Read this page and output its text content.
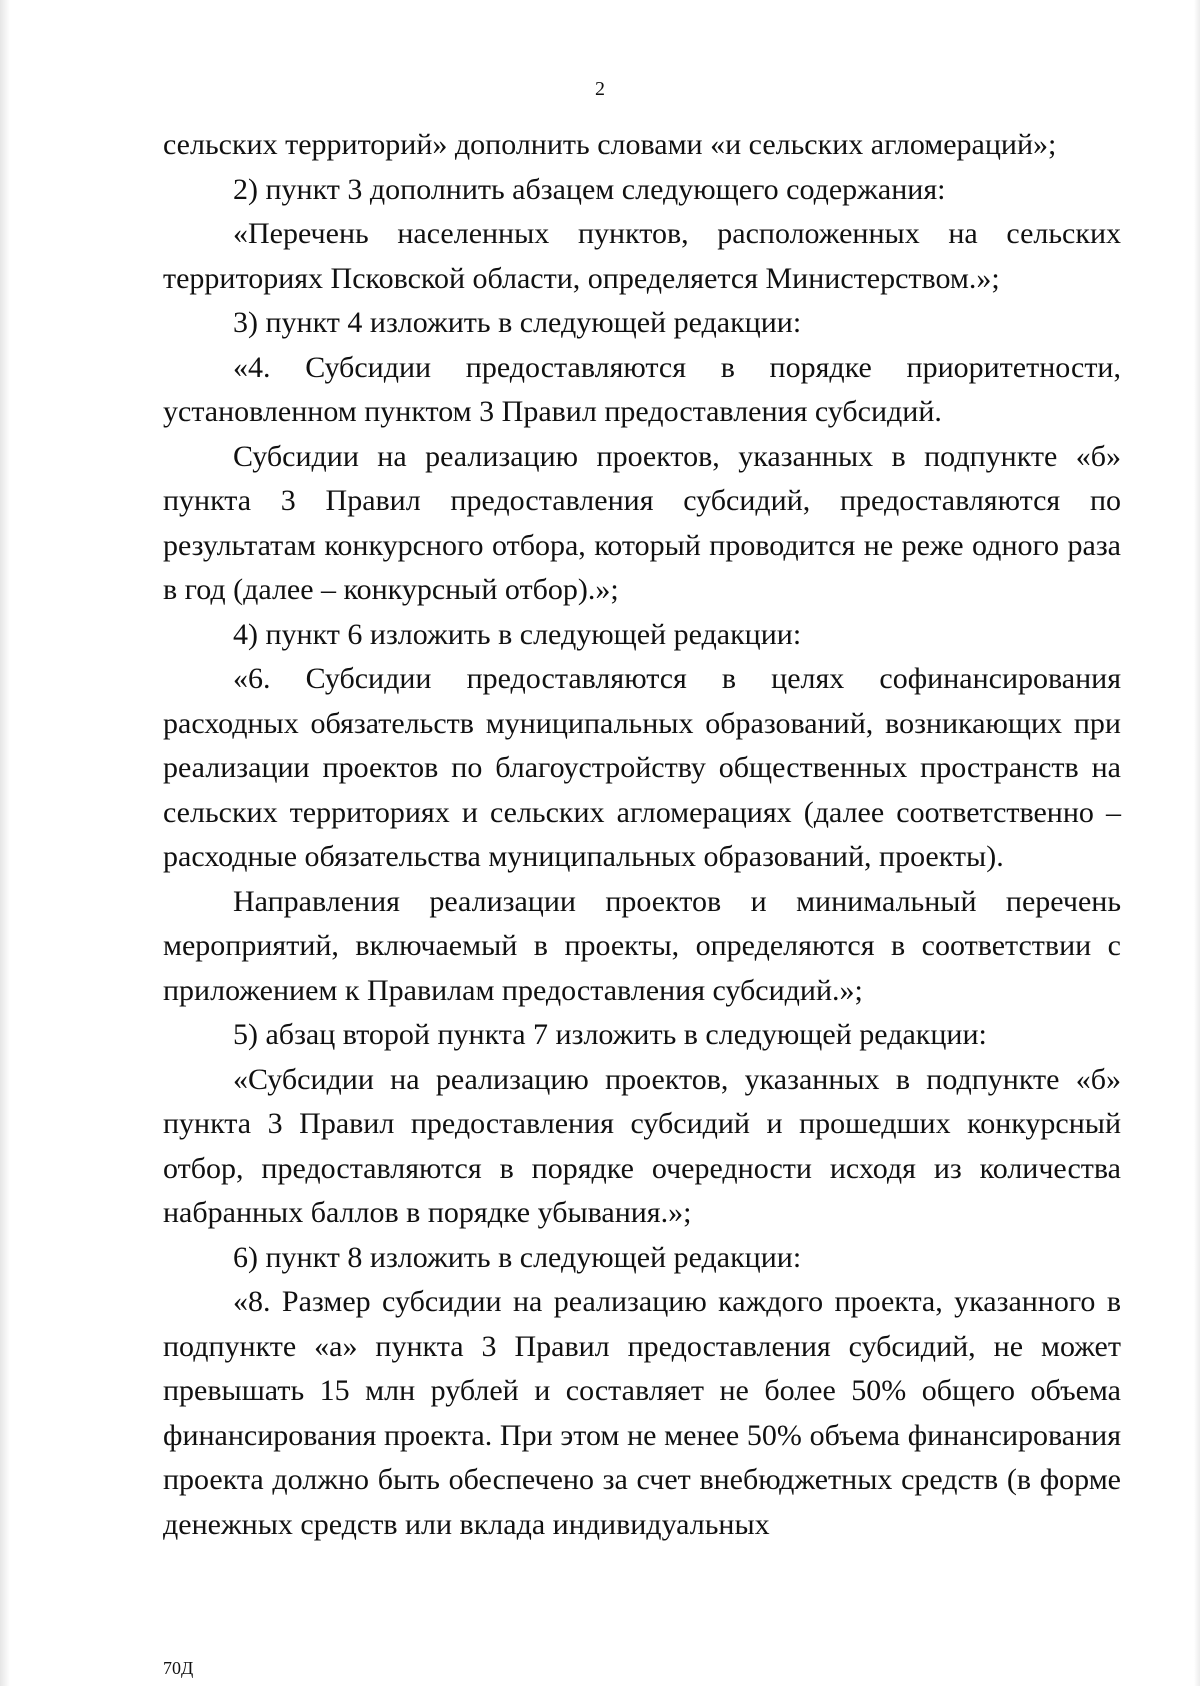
2

сельских территорий» дополнить словами «и сельских агломераций»;

2) пункт 3 дополнить абзацем следующего содержания:

«Перечень населенных пунктов, расположенных на сельских территориях Псковской области, определяется Министерством.»;

3) пункт 4 изложить в следующей редакции:

«4. Субсидии предоставляются в порядке приоритетности, установленном пунктом 3 Правил предоставления субсидий.

Субсидии на реализацию проектов, указанных в подпункте «б» пункта 3 Правил предоставления субсидий, предоставляются по результатам конкурсного отбора, который проводится не реже одного раза в год (далее – конкурсный отбор).»;

4) пункт 6 изложить в следующей редакции:

«6. Субсидии предоставляются в целях софинансирования расходных обязательств муниципальных образований, возникающих при реализации проектов по благоустройству общественных пространств на сельских территориях и сельских агломерациях (далее соответственно – расходные обязательства муниципальных образований, проекты).

Направления реализации проектов и минимальный перечень мероприятий, включаемый в проекты, определяются в соответствии с приложением к Правилам предоставления субсидий.»;

5) абзац второй пункта 7 изложить в следующей редакции:

«Субсидии на реализацию проектов, указанных в подпункте «б» пункта 3 Правил предоставления субсидий и прошедших конкурсный отбор, предоставляются в порядке очередности исходя из количества набранных баллов в порядке убывания.»;

6) пункт 8 изложить в следующей редакции:

«8. Размер субсидии на реализацию каждого проекта, указанного в подпункте «а» пункта 3 Правил предоставления субсидий, не может превышать 15 млн рублей и составляет не более 50% общего объема финансирования проекта. При этом не менее 50% объема финансирования проекта должно быть обеспечено за счет внебюджетных средств (в форме денежных средств или вклада индивидуальных

70Д
